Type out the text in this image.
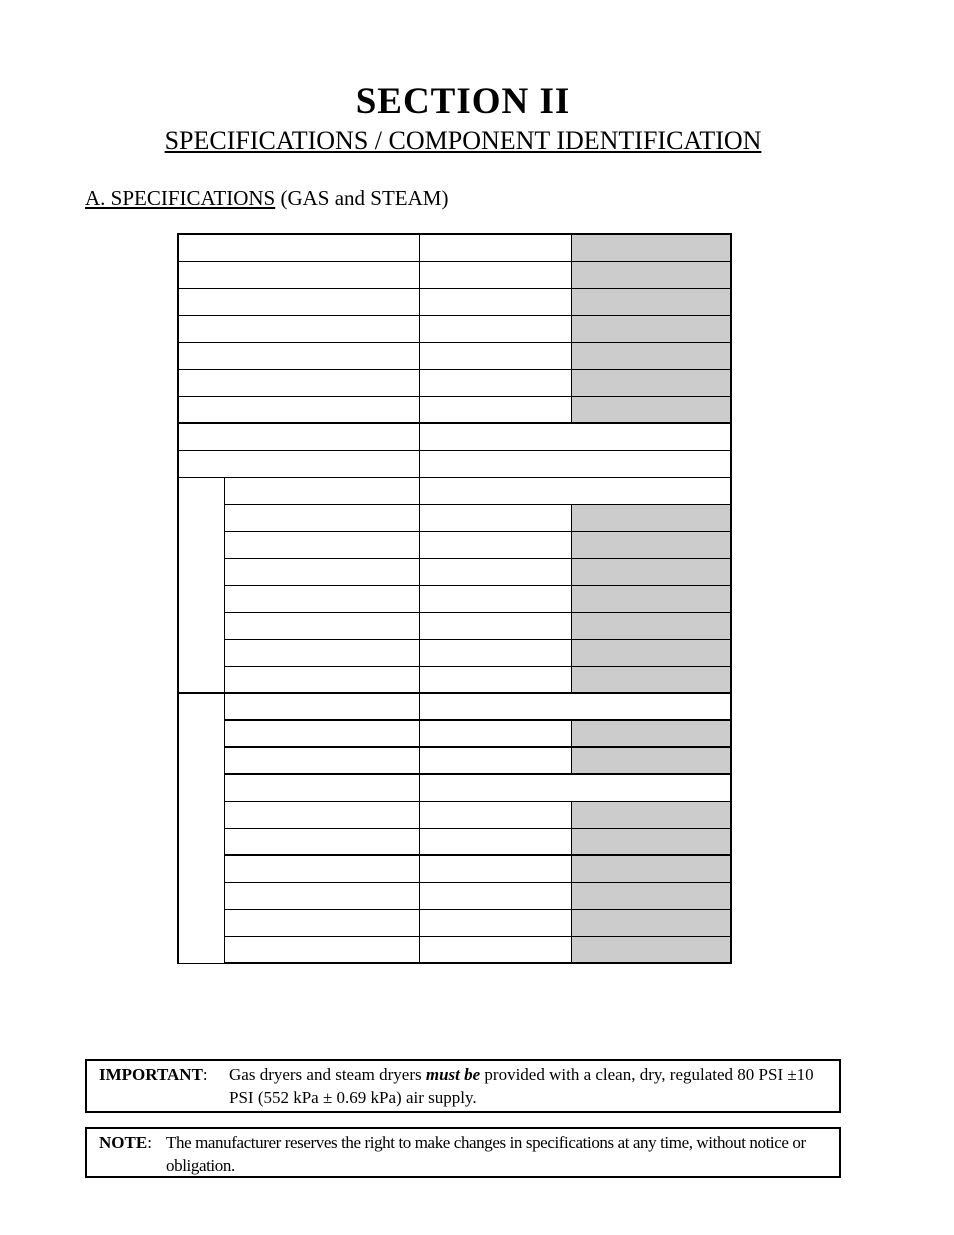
SECTION II
SPECIFICATIONS / COMPONENT IDENTIFICATION
A. SPECIFICATIONS (GAS and STEAM)

IMPORTANT: Gas dryers and steam dryers must be provided with a clean, dry, regulated 80 PSI ±10 PSI (552 kPa ± 0.69 kPa) air supply.
NOTE: The manufacturer reserves the right to make changes in specifications at any time, without notice or obligation.
